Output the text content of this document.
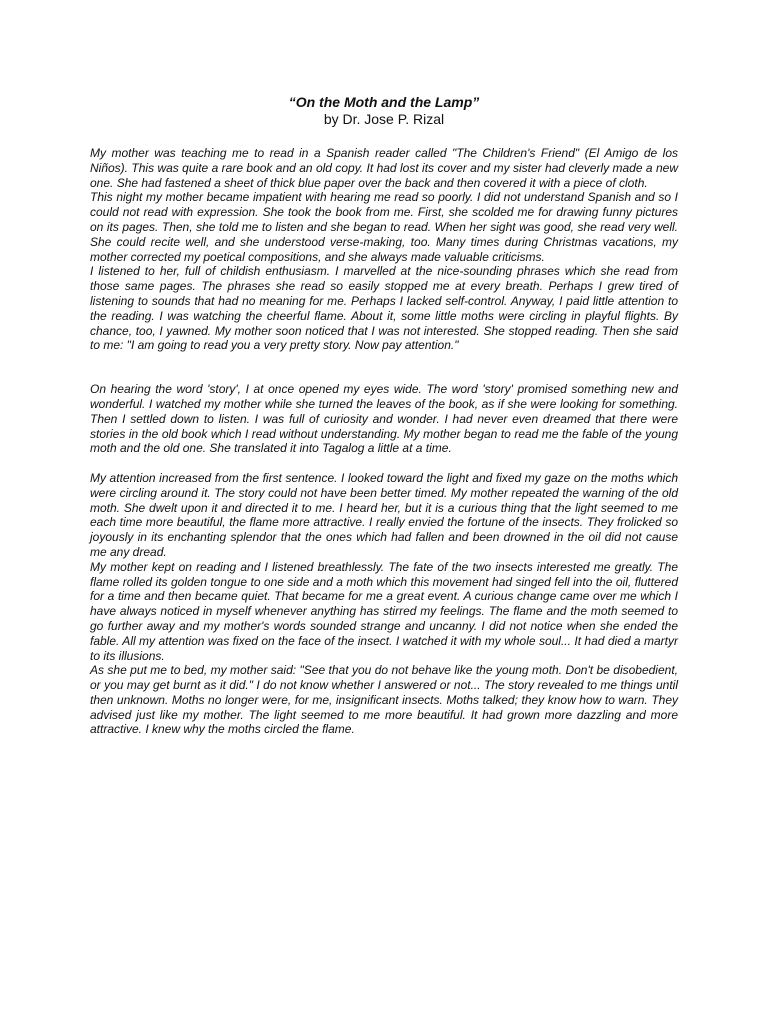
“On the Moth and the Lamp”

by Dr. Jose P. Rizal

My mother was teaching me to read in a Spanish reader called "The Children's Friend" (El Amigo de los Niños). This was quite a rare book and an old copy. It had lost its cover and my sister had cleverly made a new one. She had fastened a sheet of thick blue paper over the back and then covered it with a piece of cloth.

This night my mother became impatient with hearing me read so poorly. I did not understand Spanish and so I could not read with expression. She took the book from me. First, she scolded me for drawing funny pictures on its pages. Then, she told me to listen and she began to read. When her sight was good, she read very well. She could recite well, and she understood verse-making, too. Many times during Christmas vacations, my mother corrected my poetical compositions, and she always made valuable criticisms.

I listened to her, full of childish enthusiasm. I marvelled at the nice-sounding phrases which she read from those same pages. The phrases she read so easily stopped me at every breath. Perhaps I grew tired of listening to sounds that had no meaning for me. Perhaps I lacked self-control. Anyway, I paid little attention to the reading. I was watching the cheerful flame. About it, some little moths were circling in playful flights. By chance, too, I yawned. My mother soon noticed that I was not interested. She stopped reading. Then she said to me: "I am going to read you a very pretty story. Now pay attention."

On hearing the word 'story', I at once opened my eyes wide. The word 'story' promised something new and wonderful. I watched my mother while she turned the leaves of the book, as if she were looking for something. Then I settled down to listen. I was full of curiosity and wonder. I had never even dreamed that there were stories in the old book which I read without understanding. My mother began to read me the fable of the young moth and the old one. She translated it into Tagalog a little at a time.

My attention increased from the first sentence. I looked toward the light and fixed my gaze on the moths which were circling around it. The story could not have been better timed. My mother repeated the warning of the old moth. She dwelt upon it and directed it to me. I heard her, but it is a curious thing that the light seemed to me each time more beautiful, the flame more attractive. I really envied the fortune of the insects. They frolicked so joyously in its enchanting splendor that the ones which had fallen and been drowned in the oil did not cause me any dread.

My mother kept on reading and I listened breathlessly. The fate of the two insects interested me greatly. The flame rolled its golden tongue to one side and a moth which this movement had singed fell into the oil, fluttered for a time and then became quiet. That became for me a great event. A curious change came over me which I have always noticed in myself whenever anything has stirred my feelings. The flame and the moth seemed to go further away and my mother's words sounded strange and uncanny. I did not notice when she ended the fable. All my attention was fixed on the face of the insect. I watched it with my whole soul... It had died a martyr to its illusions.

As she put me to bed, my mother said: "See that you do not behave like the young moth. Don't be disobedient, or you may get burnt as it did." I do not know whether I answered or not... The story revealed to me things until then unknown. Moths no longer were, for me, insignificant insects. Moths talked; they know how to warn. They advised just like my mother. The light seemed to me more beautiful. It had grown more dazzling and more attractive. I knew why the moths circled the flame.
